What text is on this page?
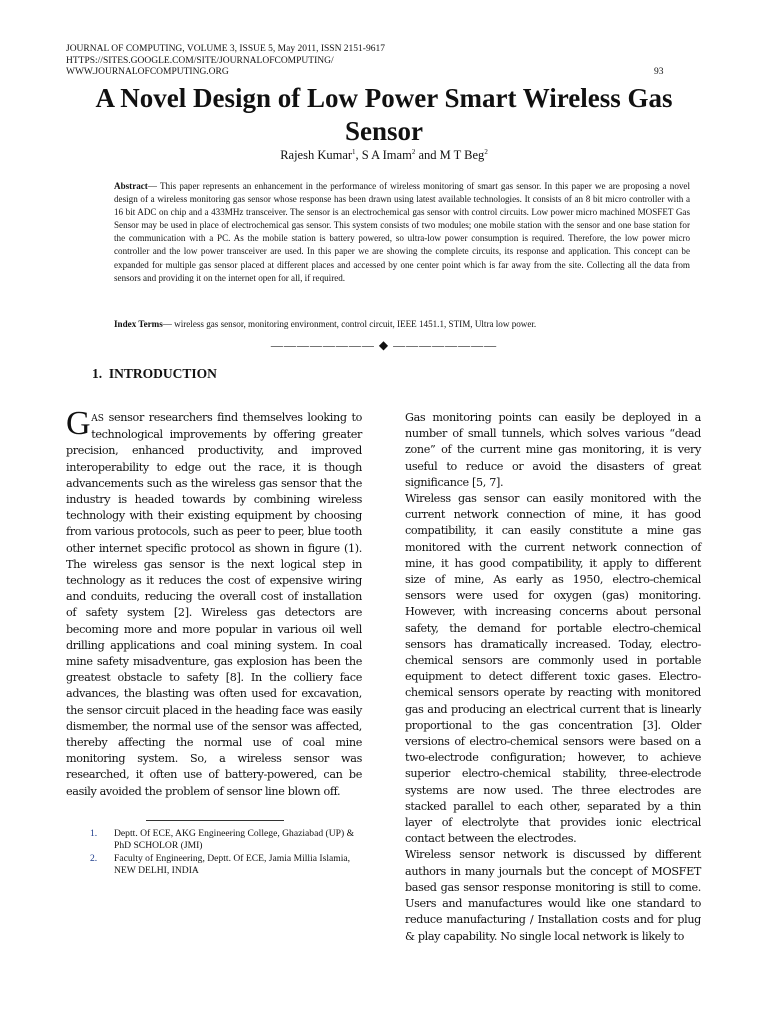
JOURNAL OF COMPUTING, VOLUME 3, ISSUE 5, May 2011, ISSN 2151-9617
HTTPS://SITES.GOOGLE.COM/SITE/JOURNALOFCOMPUTING/
WWW.JOURNALOFCOMPUTING.ORG	93
A Novel Design of Low Power Smart Wireless Gas Sensor
Rajesh Kumar$^1$, S A Imam$^2$ and M T Beg$^2$
Abstract— This paper represents an enhancement in the performance of wireless monitoring of smart gas sensor. In this paper we are proposing a novel design of a wireless monitoring gas sensor whose response has been drawn using latest available technologies. It consists of an 8 bit micro controller with a 16 bit ADC on chip and a 433MHz transceiver. The sensor is an electrochemical gas sensor with control circuits. Low power micro machined MOSFET Gas Sensor may be used in place of electrochemical gas sensor. This system consists of two modules; one mobile station with the sensor and one base station for the communication with a PC. As the mobile station is battery powered, so ultra-low power consumption is required. Therefore, the low power micro controller and the low power transceiver are used. In this paper we are showing the complete circuits, its response and application. This concept can be expanded for multiple gas sensor placed at different places and accessed by one center point which is far away from the site. Collecting all the data from sensors and providing it on the internet open for all, if required.
Index Terms— wireless gas sensor, monitoring environment, control circuit, IEEE 1451.1, STIM, Ultra low power.
———————— ◆ ————————
1. INTRODUCTION

GAS sensor researchers find themselves looking to technological improvements by offering greater precision, enhanced productivity, and improved interoperability to edge out the race, it is though advancements such as the wireless gas sensor that the industry is headed towards by combining wireless technology with their existing equipment by choosing from various protocols, such as peer to peer, blue tooth other internet specific protocol as shown in figure (1). The wireless gas sensor is the next logical step in technology as it reduces the cost of expensive wiring and conduits, reducing the overall cost of installation of safety system [2]. Wireless gas detectors are becoming more and more popular in various oil well drilling applications and coal mining system. In coal mine safety misadventure, gas explosion has been the greatest obstacle to safety [8]. In the colliery face advances, the blasting was often used for excavation, the sensor circuit placed in the heading face was easily dismember, the normal use of the sensor was affected, thereby affecting the normal use of coal mine monitoring system. So, a wireless sensor was researched, it often use of battery-powered, can be easily avoided the problem of sensor line blown off.

Gas monitoring points can easily be deployed in a number of small tunnels, which solves various “dead zone” of the current mine gas monitoring, it is very useful to reduce or avoid the disasters of great significance [5, 7].

Wireless gas sensor can easily monitored with the current network connection of mine, it has good compatibility, it can easily constitute a mine gas monitored with the current network connection of mine, it has good compatibility, it apply to different size of mine, As early as 1950, electro-chemical sensors were used for oxygen (gas) monitoring. However, with increasing concerns about personal safety, the demand for portable electro-chemical sensors has dramatically increased. Today, electro-chemical sensors are commonly used in portable equipment to detect different toxic gases. Electro-chemical sensors operate by reacting with monitored gas and producing an electrical current that is linearly proportional to the gas concentration [3]. Older versions of electro-chemical sensors were based on a two-electrode configuration; however, to achieve superior electro-chemical stability, three-electrode systems are now used. The three electrodes are stacked parallel to each other, separated by a thin layer of electrolyte that provides ionic electrical contact between the electrodes.

Wireless sensor network is discussed by different authors in many journals but the concept of MOSFET based gas sensor response monitoring is still to come. Users and manufactures would like one standard to reduce manufacturing / Installation costs and for plug & play capability. No single local network is likely to

1. Deptt. Of ECE, AKG Engineering College, Ghaziabad (UP) & PhD SCHOLOR (JMI)
2. Faculty of Engineering, Deptt. Of ECE, Jamia Millia Islamia, NEW DELHI, INDIA
